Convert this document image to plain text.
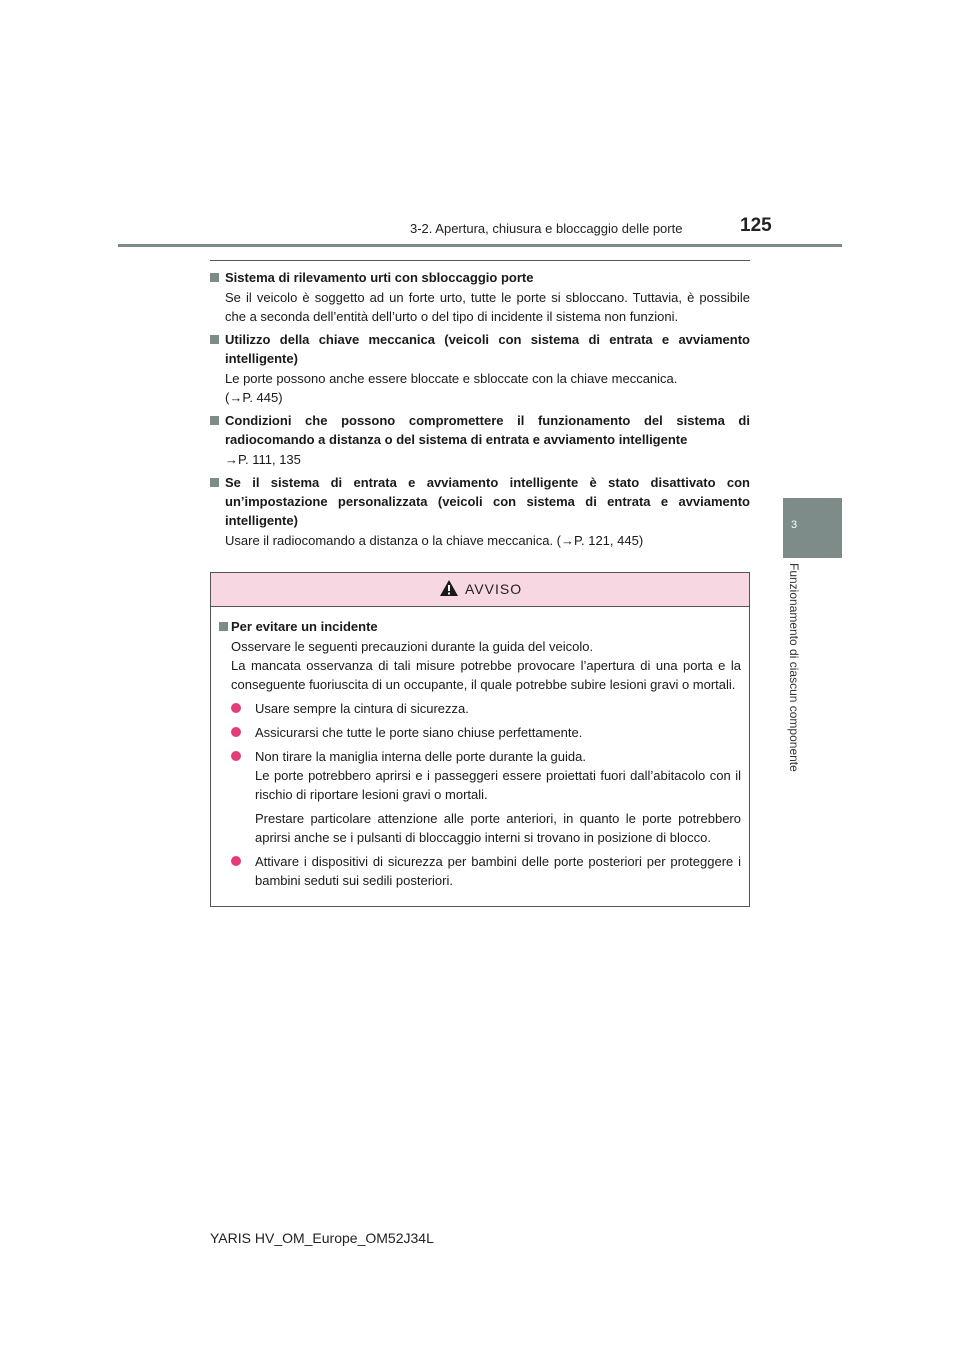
3-2. Apertura, chiusura e bloccaggio delle porte	125
3
Funzionamento di ciascun componente
Sistema di rilevamento urti con sbloccaggio porte

Se il veicolo è soggetto ad un forte urto, tutte le porte si sbloccano. Tuttavia, è possibile che a seconda dell’entità dell’urto o del tipo di incidente il sistema non funzioni.

Utilizzo della chiave meccanica (veicoli con sistema di entrata e avviamento intelligente)

Le porte possono anche essere bloccate e sbloccate con la chiave meccanica.

(→P. 445)

Condizioni che possono compromettere il funzionamento del sistema di radiocomando a distanza o del sistema di entrata e avviamento intelligente

→P. 111, 135

Se il sistema di entrata e avviamento intelligente è stato disattivato con un’impostazione personalizzata (veicoli con sistema di entrata e avviamento intelligente)

Usare il radiocomando a distanza o la chiave meccanica. (→P. 121, 445)

AVVISO
Per evitare un incidente
Osservare le seguenti precauzioni durante la guida del veicolo.
La mancata osservanza di tali misure potrebbe provocare l’apertura di una porta e la conseguente fuoriuscita di un occupante, il quale potrebbe subire lesioni gravi o mortali.
Usare sempre la cintura di sicurezza.
Assicurarsi che tutte le porte siano chiuse perfettamente.
Non tirare la maniglia interna delle porte durante la guida.
Le porte potrebbero aprirsi e i passeggeri essere proiettati fuori dall’abitacolo con il rischio di riportare lesioni gravi o mortali.
Prestare particolare attenzione alle porte anteriori, in quanto le porte potrebbero aprirsi anche se i pulsanti di bloccaggio interni si trovano in posizione di blocco.
Attivare i dispositivi di sicurezza per bambini delle porte posteriori per proteggere i bambini seduti sui sedili posteriori.
YARIS HV_OM_Europe_OM52J34L
